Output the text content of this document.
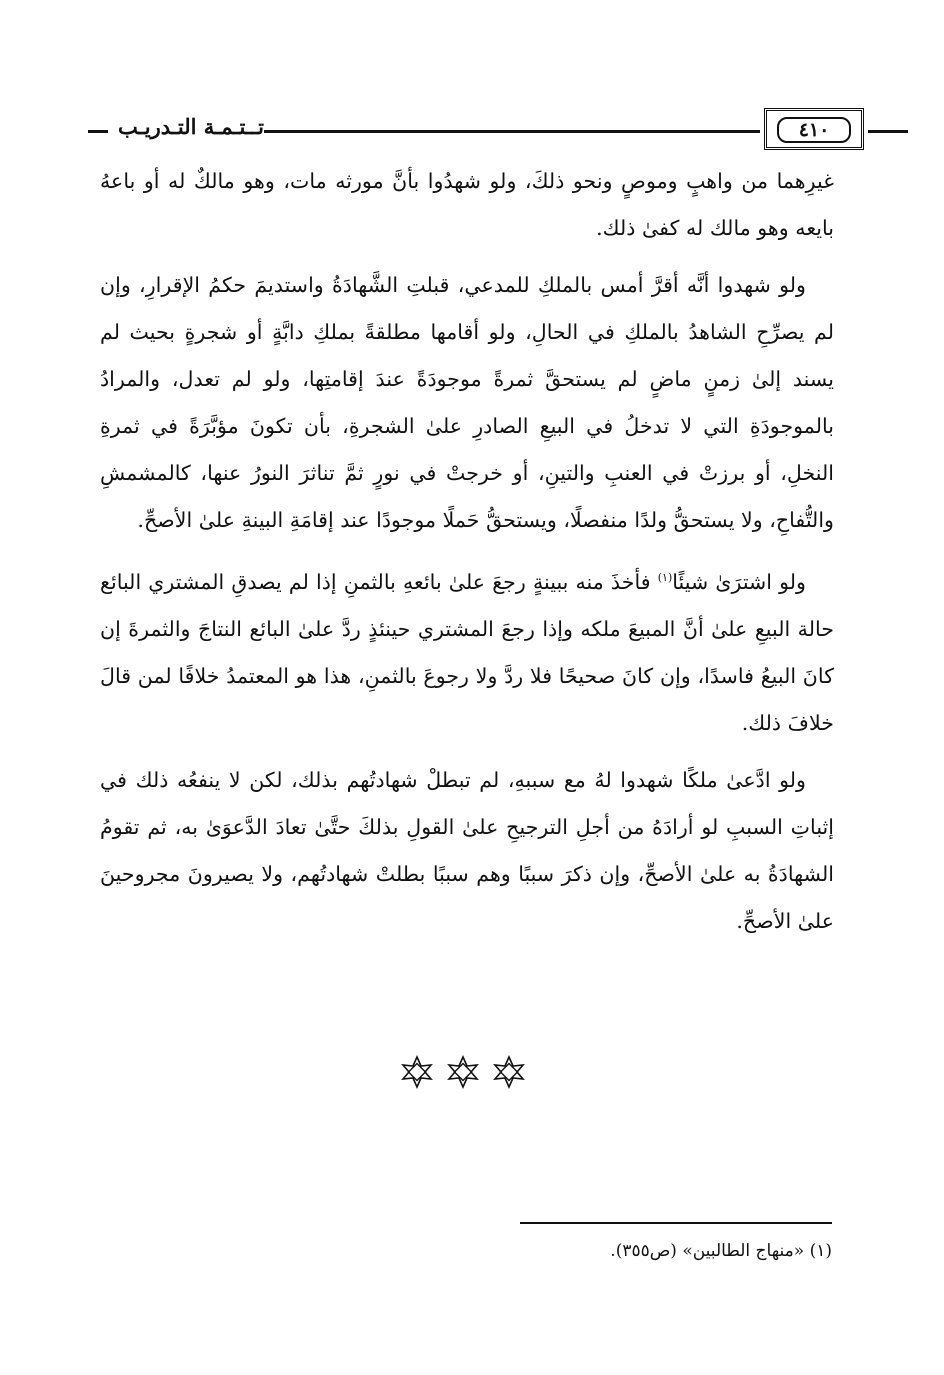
تــتـمـة التـدريـب	٤١٠

غيرِهما من واهبٍ وموصٍ ونحو ذلكَ، ولو شهدُوا بأنَّ مورثه مات، وهو مالكٌ له أو باعهُ بايعه وهو مالك له كفىٰ ذلك.

ولو شهدوا أنَّه أقرَّ أمس بالملكِ للمدعي، قبلتِ الشَّهادَةُ واستديمَ حكمُ الإقرارِ، وإن لم يصرِّحِ الشاهدُ بالملكِ في الحالِ، ولو أقامها مطلقةً بملكِ دابَّةٍ أو شجرةٍ بحيث لم يسند إلىٰ زمنٍ ماضٍ لم يستحقَّ ثمرةً موجودَةً عندَ إقامتِها، ولو لم تعدل، والمرادُ بالموجودَةِ التي لا تدخلُ في البيعِ الصادرِ علىٰ الشجرةِ، بأن تكونَ مؤبَّرَةً في ثمرةِ النخلِ، أو برزتْ في العنبِ والتينِ، أو خرجتْ في نورٍ ثمَّ تناثرَ النورُ عنها، كالمشمشِ والتُّفاحِ، ولا يستحقُّ ولدًا منفصلًا، ويستحقُّ حَملًا موجودًا عند إقامَةِ البينةِ علىٰ الأصحِّ.

ولو اشترَىٰ شيئًا$^{(١)}$ فأخذَ منه ببينةٍ رجعَ علىٰ بائعهِ بالثمنِ إذا لم يصدقِ المشتري البائع حالة البيعِ علىٰ أنَّ المبيعَ ملكه وإذا رجعَ المشتري حينئذٍ ردَّ علىٰ البائع النتاجَ والثمرةَ إن كانَ البيعُ فاسدًا، وإن كانَ صحيحًا فلا ردَّ ولا رجوعَ بالثمنِ، هذا هو المعتمدُ خلافًا لمن قالَ خلافَ ذلك.

ولو ادَّعىٰ ملكًا شهدوا لهُ مع سببهِ، لم تبطلْ شهادتُهم بذلك، لكن لا ينفعُه ذلك في إثباتِ السببِ لو أرادَهُ من أجلِ الترجيحِ علىٰ القولِ بذلكَ حتَّىٰ تعادَ الدَّعوَىٰ به، ثم تقومُ الشهادَةُ به علىٰ الأصحِّ، وإن ذكرَ سببًا وهم سببًا بطلتْ شهادتُهم، ولا يصيرونَ مجروحينَ علىٰ الأصحِّ.

(١) «منهاج الطالبين» (ص٣٥٥).
